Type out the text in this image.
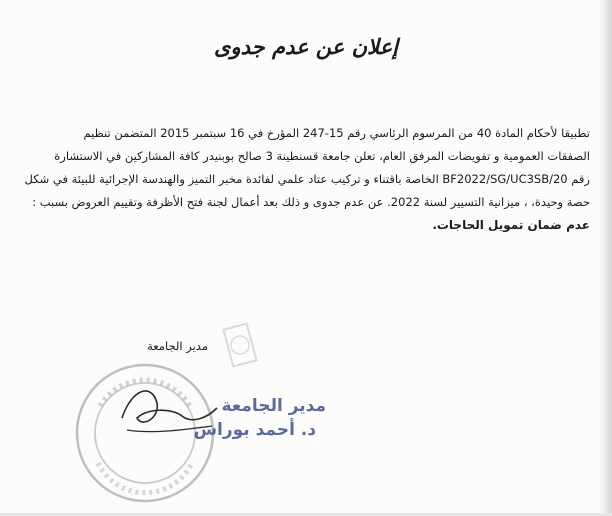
إعلان عن عدم جدوى
تطبيقا لأحكام المادة 40 من المرسوم الرئاسي رقم 15-247 المؤرخ في 16 سبتمبر 2015 المتضمن تنظيم
الصفقات العمومية و تفويضات المرفق العام، تعلن جامعة قسنطينة 3 صالح بوبنيدر كافة المشاركين في الاستشارة
رقم BF2022/SG/UC3SB/20 الخاصة باقتناء و تركيب عتاد علمي لفائدة مخبر التميز والهندسة الإجرائية للبيئة في شكل
حصة وحيدة، ، ميزانية التسيير لسنة 2022. عن عدم جدوى و ذلك بعد أعمال لجنة فتح الأظرفة وتقييم العروض بسبب :
عدم ضمان تمويل الحاجات.
مدير الجامعة
مدير الجامعة
د. أحمد بوراس
